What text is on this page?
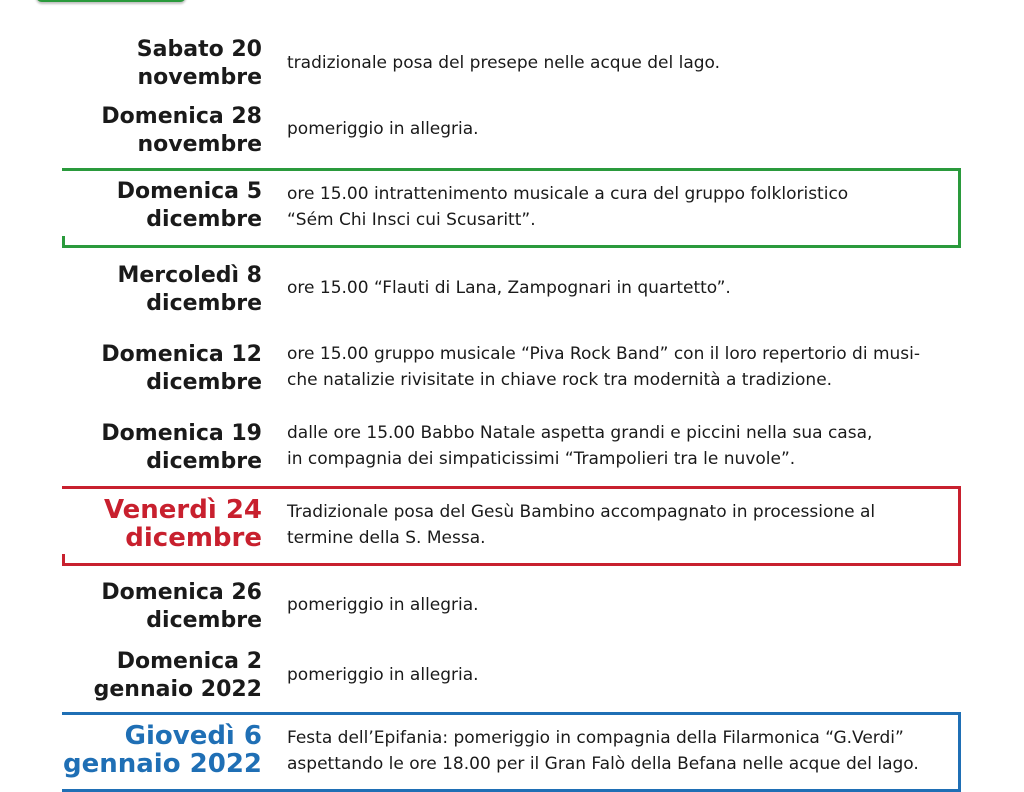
Sabato 20
novembre
tradizionale posa del presepe nelle acque del lago.
Domenica 28
novembre
pomeriggio in allegria.
Domenica 5
dicembre
ore 15.00 intrattenimento musicale a cura del gruppo folkloristico
“Sém Chi Insci cui Scusaritt”.
Mercoledì 8
dicembre
ore 15.00 “Flauti di Lana, Zampognari in quartetto”.
Domenica 12
dicembre
ore 15.00 gruppo musicale “Piva Rock Band” con il loro repertorio di musi-
che natalizie rivisitate in chiave rock tra modernità a tradizione.
Domenica 19
dicembre
dalle ore 15.00 Babbo Natale aspetta grandi e piccini nella sua casa,
in compagnia dei simpaticissimi “Trampolieri tra le nuvole”.
Venerdì 24
dicembre
Tradizionale posa del Gesù Bambino accompagnato in processione al
termine della S. Messa.
Domenica 26
dicembre
pomeriggio in allegria.
Domenica 2
gennaio 2022
pomeriggio in allegria.
Giovedì 6
gennaio 2022
Festa dell’Epifania: pomeriggio in compagnia della Filarmonica “G.Verdi”
aspettando le ore 18.00 per il Gran Falò della Befana nelle acque del lago.
